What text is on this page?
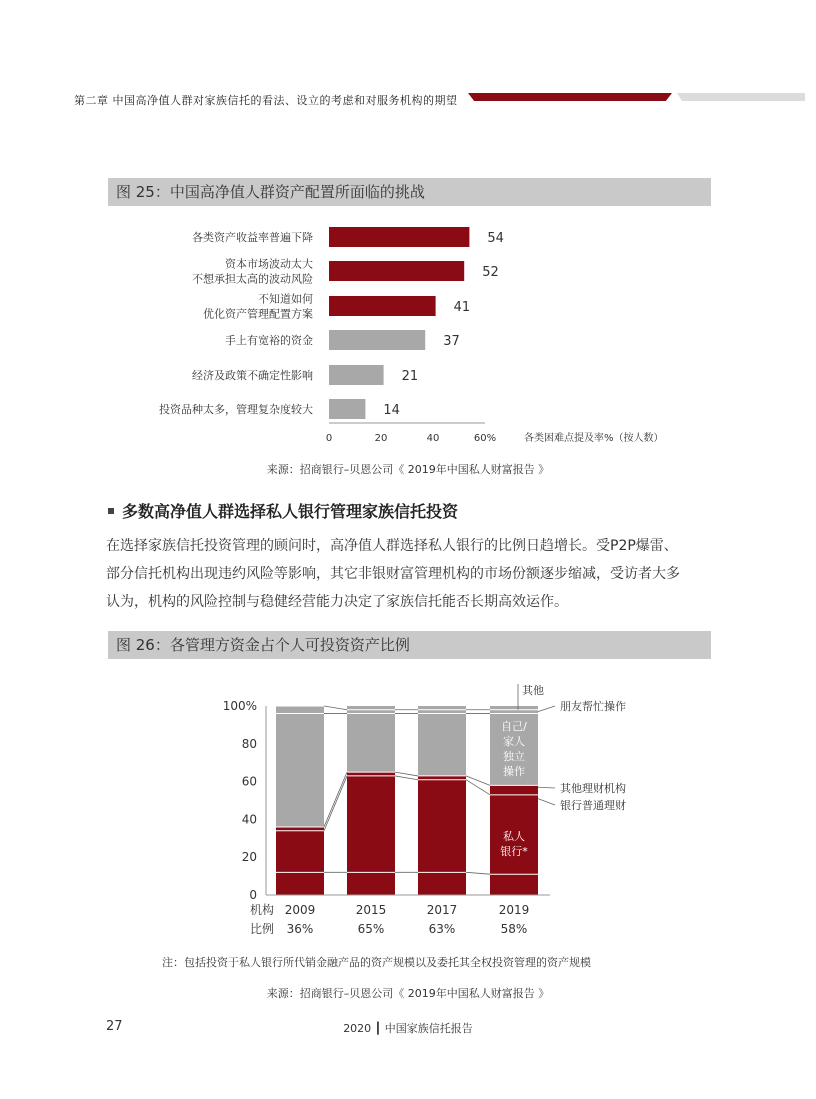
第二章 中国高净值人群对家族信托的看法、设立的考虑和对服务机构的期望
图 25：中国高净值人群资产配置所面临的挑战
54
各类资产收益率普遍下降
52
资本市场波动太大
不想承担太高的波动风险
41
不知道如何
优化资产管理配置方案
37
手上有宽裕的资金
21
经济及政策不确定性影响
14
投资品种太多，管理复杂度较大
0	20	40	60%	各类困难点提及率%（按人数）
来源：招商银行–贝恩公司《 2019年中国私人财富报告 》
多数高净值人群选择私人银行管理家族信托投资
在选择家族信托投资管理的顾问时，高净值人群选择私人银行的比例日趋增长。受P2P爆雷、
部分信托机构出现违约风险等影响，其它非银财富管理机构的市场份额逐步缩减，受访者大多
认为，机构的风险控制与稳健经营能力决定了家族信托能否长期高效运作。
图 26：各管理方资金占个人可投资资产比例
0
20
40
60
80
100%
2009
36%
2015
65%
2017
63%
2019
58%
机构
比例
自己/
家人
独立
操作
私人
银行*
其他
朋友帮忙操作
其他理财机构
银行普通理财
注：包括投资于私人银行所代销金融产品的资产规模以及委托其全权投资管理的资产规模
来源：招商银行–贝恩公司《 2019年中国私人财富报告 》
27	2020 ┃ 中国家族信托报告
